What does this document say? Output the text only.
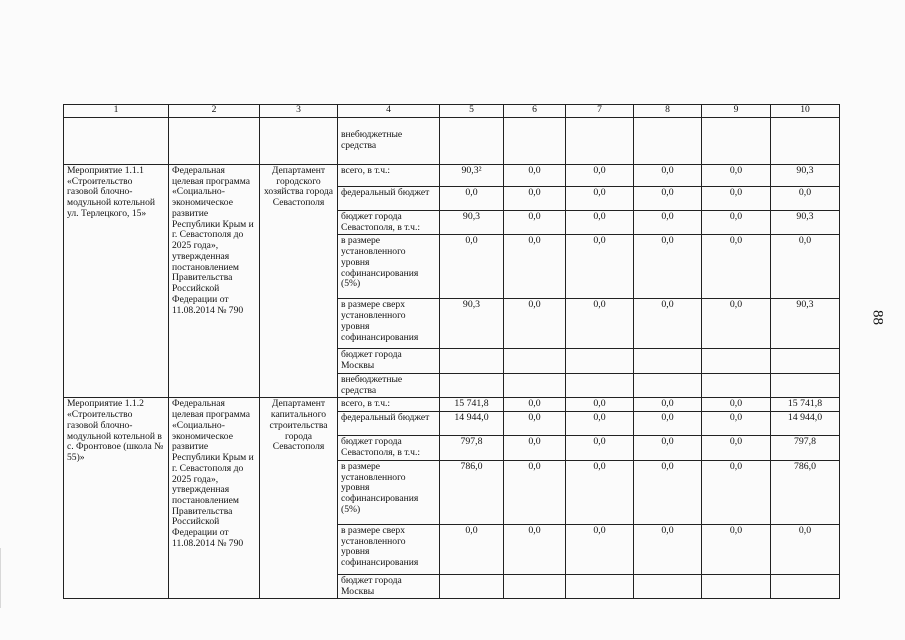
88
1	2	3	4	5	6	7	8	9	10
			внебюджетные средства						
Мероприятие 1.1.1 «Строительство газовой блочно-модульной котельной ул. Терлецкого, 15»	Федеральная целевая программа «Социально-экономическое развитие Республики Крым и г. Севастополя до 2025 года», утвержденная постановлением Правительства Российской Федерации от 11.08.2014 № 790	Департамент городского хозяйства города Севастополя	всего, в т.ч.:	90,3²	0,0	0,0	0,0	0,0	90,3
			федеральный бюджет	0,0	0,0	0,0	0,0	0,0	0,0
			бюджет города Севастополя, в т.ч.:	90,3	0,0	0,0	0,0	0,0	90,3
			в размере установленного уровня софинансирования (5%)	0,0	0,0	0,0	0,0	0,0	0,0
			в размере сверх установленного уровня софинансирования	90,3	0,0	0,0	0,0	0,0	90,3
			бюджет города Москвы						
			внебюджетные средства						
Мероприятие 1.1.2 «Строительство газовой блочно-модульной котельной в с. Фронтовое (школа № 55)»	Федеральная целевая программа «Социально-экономическое развитие Республики Крым и г. Севастополя до 2025 года», утвержденная постановлением Правительства Российской Федерации от 11.08.2014 № 790	Департамент капитального строительства города Севастополя	всего, в т.ч.:	15 741,8	0,0	0,0	0,0	0,0	15 741,8
			федеральный бюджет	14 944,0	0,0	0,0	0,0	0,0	14 944,0
			бюджет города Севастополя, в т.ч.:	797,8	0,0	0,0	0,0	0,0	797,8
			в размере установленного уровня софинансирования (5%)	786,0	0,0	0,0	0,0	0,0	786,0
			в размере сверх установленного уровня софинансирования	0,0	0,0	0,0	0,0	0,0	0,0
			бюджет города Москвы						
